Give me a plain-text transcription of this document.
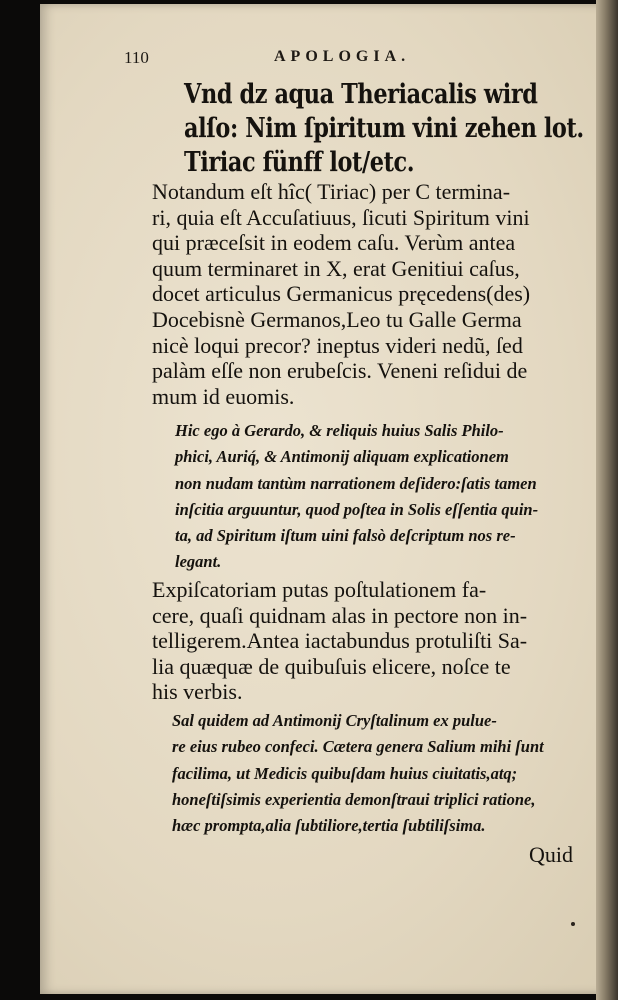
110	APOLOGIA.
Vnd dz aqua Theriacalis wird
alſo: Nim ſpiritum vini zehen lot.
Tiriac fünff lot/etc.
Notandum eſt hîc( Tiriac) per C termina-
ri, quia eſt Accuſatiuus, ſicuti Spiritum vini
qui præceſsit in eodem caſu. Verùm antea
quum terminaret in X, erat Genitiui caſus,
docet articulus Germanicus pręcedens(des)
Docebisnè Germanos,Leo tu Galle Germa
nicè loqui precor? ineptus videri nedũ, ſed
palàm eſſe non erubeſcis. Veneni reſidui de
mum id euomis.
Hic ego à Gerardo, & reliquis huius Salis Philo-
phici, Auriq́, & Antimonij aliquam explicationem
non nudam tantùm narrationem deſidero:ſatis tamen
inſcitia arguuntur, quod poſtea in Solis eſſentia quin-
ta, ad Spiritum iſtum uini falsò deſcriptum nos re-
legant.
Expiſcatoriam putas poſtulationem fa-
cere, quaſi quidnam alas in pectore non in-
telligerem.Antea iactabundus protuliſti Sa-
lia quæquæ de quibuſuis elicere, noſce te
his verbis.
Sal quidem ad Antimonij Cryſtalinum ex pulue-
re eius rubeo confeci. Cætera genera Salium mihi ſunt
facilima, ut Medicis quibuſdam huius ciuitatis,atq;
honeſtiſsimis experientia demonſtraui triplici ratione,
hæc prompta,alia ſubtiliore,tertia ſubtiliſsima.
Quid
